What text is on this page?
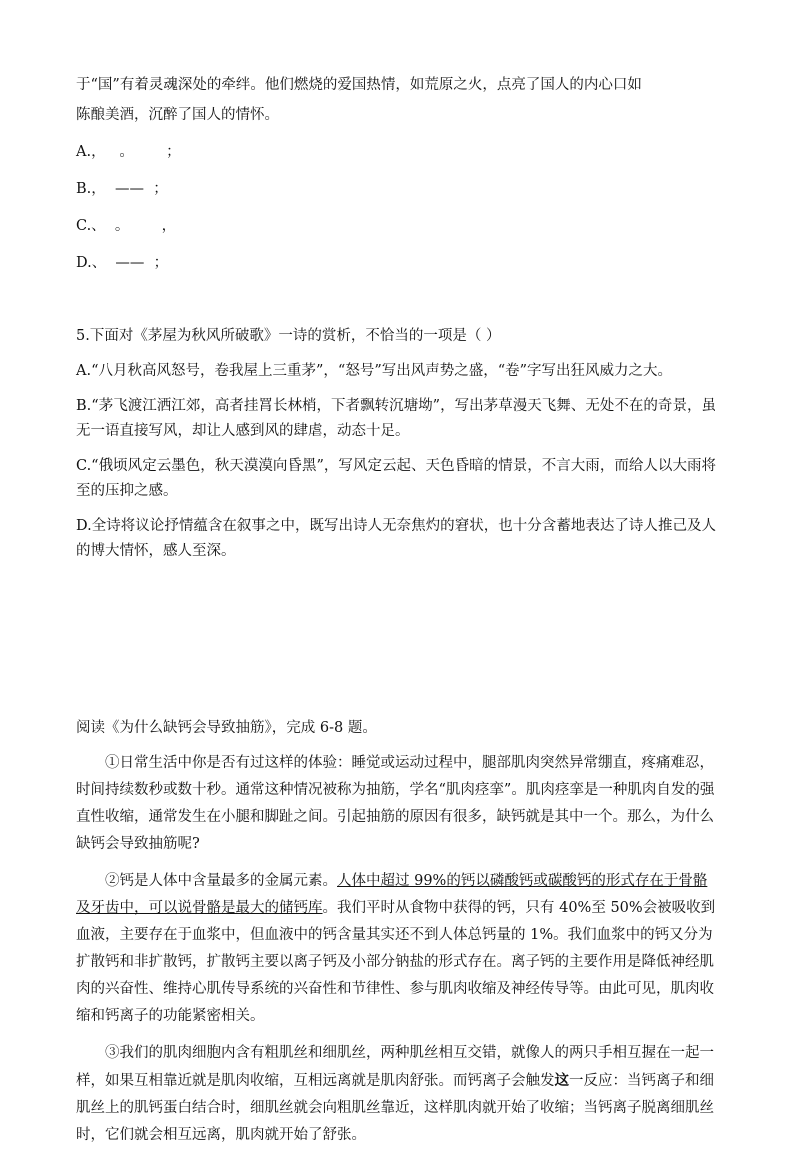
于“国”有着灵魂深处的牵绊。他们燃烧的爱国热情，如荒原之火，点亮了国人的内心口如
陈酿美酒，沉醉了国人的情怀。
A.，   。       ；
B.，  ——  ；
C.、  。       ，
D.、  ——  ；
5.下面对《茅屋为秋风所破歌》一诗的赏析，不恰当的一项是（ ）

A.“八月秋高风怒号，卷我屋上三重茅”，“怒号”写出风声势之盛，“卷”字写出狂风威力之大。

B.“茅飞渡江洒江郊，高者挂罥长林梢，下者飘转沉塘坳”，写出茅草漫天飞舞、无处不在的奇景，虽无一语直接写风，却让人感到风的肆虐，动态十足。

C.“俄顷风定云墨色，秋天漠漠向昏黑”，写风定云起、天色昏暗的情景，不言大雨，而给人以大雨将至的压抑之感。

D.全诗将议论抒情蕴含在叙事之中，既写出诗人无奈焦灼的窘状，也十分含蓄地表达了诗人推己及人的博大情怀，感人至深。

阅读《为什么缺钙会导致抽筋》，完成 6-8 题。

①日常生活中你是否有过这样的体验：睡觉或运动过程中，腿部肌肉突然异常绷直，疼痛难忍，时间持续数秒或数十秒。通常这种情况被称为抽筋，学名“肌肉痉挛”。肌肉痉挛是一种肌肉自发的强直性收缩，通常发生在小腿和脚趾之间。引起抽筋的原因有很多，缺钙就是其中一个。那么，为什么缺钙会导致抽筋呢?

②钙是人体中含量最多的金属元素。人体中超过 99%的钙以磷酸钙或碳酸钙的形式存在于骨骼及牙齿中，可以说骨骼是最大的储钙库。我们平时从食物中获得的钙，只有 40%至 50%会被吸收到血液，主要存在于血浆中，但血液中的钙含量其实还不到人体总钙量的 1%。我们血浆中的钙又分为扩散钙和非扩散钙，扩散钙主要以离子钙及小部分钠盐的形式存在。离子钙的主要作用是降低神经肌肉的兴奋性、维持心肌传导系统的兴奋性和节律性、参与肌肉收缩及神经传导等。由此可见，肌肉收缩和钙离子的功能紧密相关。

③我们的肌肉细胞内含有粗肌丝和细肌丝，两种肌丝相互交错，就像人的两只手相互握在一起一样，如果互相靠近就是肌肉收缩，互相远离就是肌肉舒张。而钙离子会触发这一反应：当钙离子和细肌丝上的肌钙蛋白结合时，细肌丝就会向粗肌丝靠近，这样肌肉就开始了收缩；当钙离子脱离细肌丝时，它们就会相互远离，肌肉就开始了舒张。
